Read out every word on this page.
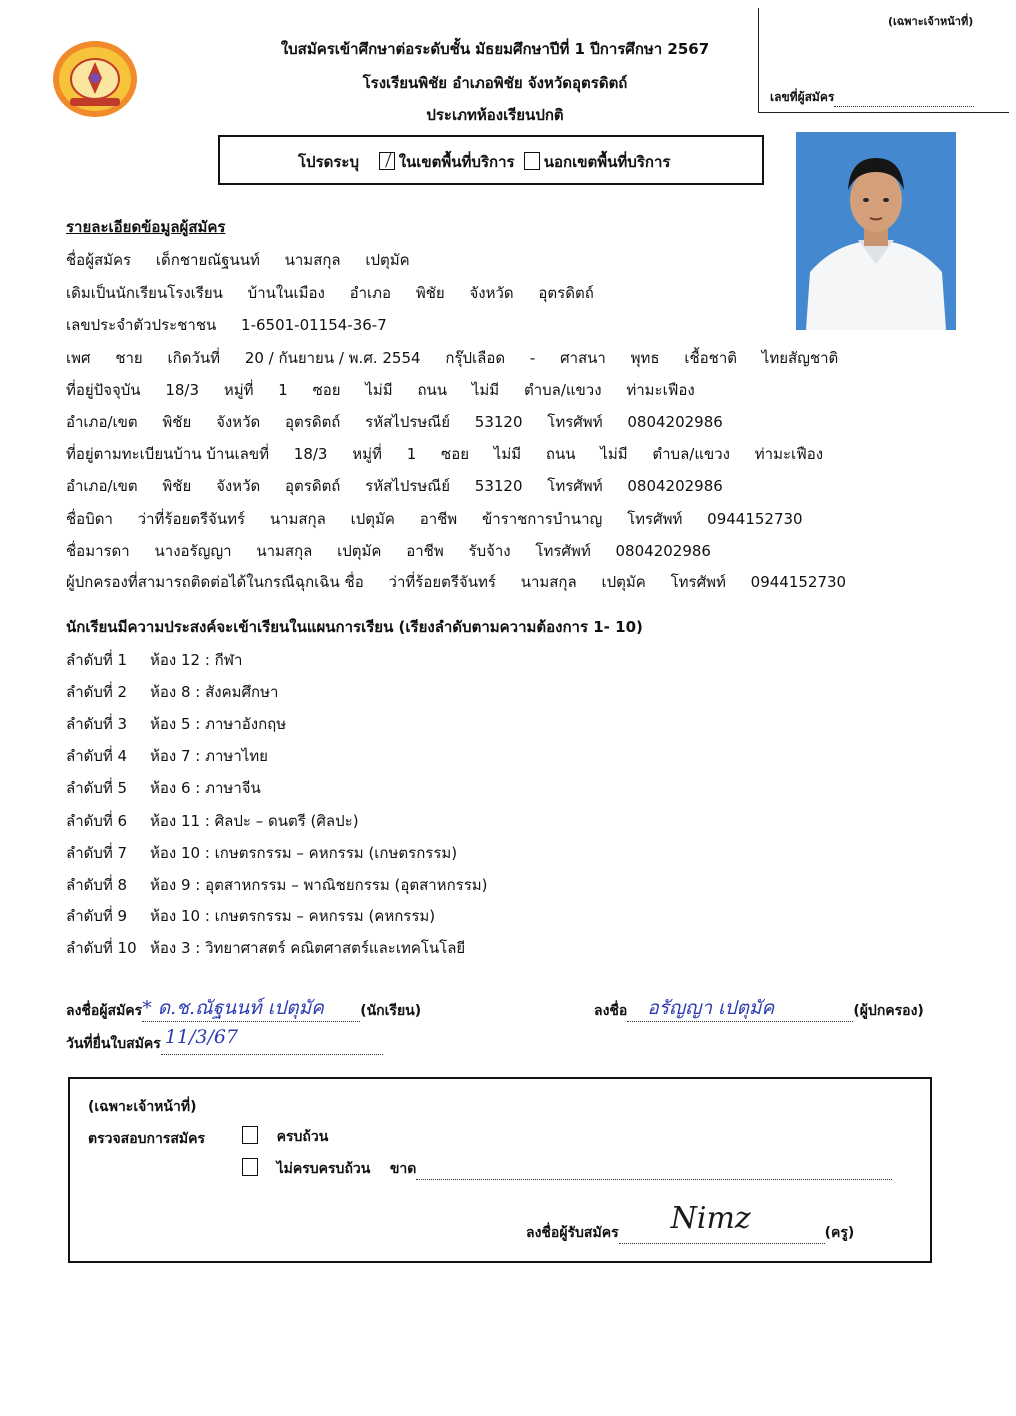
(เฉพาะเจ้าหน้าที่)
เลขที่ผู้สมัคร
ใบสมัครเข้าศึกษาต่อระดับชั้น มัธยมศึกษาปีที่ 1 ปีการศึกษา 2567
โรงเรียนพิชัย อำเภอพิชัย จังหวัดอุตรดิตถ์
ประเภทห้องเรียนปกติ
โปรดระบุ	ในเขตพื้นที่บริการ นอกเขตพื้นที่บริการ
รายละเอียดข้อมูลผู้สมัคร
ชื่อผู้สมัคร เด็กชายณัฐนนท์ นามสกุล เปตุมัค
เดิมเป็นนักเรียนโรงเรียน บ้านในเมือง อำเภอ พิชัย จังหวัด อุตรดิตถ์
เลขประจำตัวประชาชน 1-6501-01154-36-7
เพศ ชาย เกิดวันที่ 20 / กันยายน / พ.ศ. 2554 กรุ๊ปเลือด - ศาสนา พุทธ เชื้อชาติ ไทยสัญชาติ
ที่อยู่ปัจจุบัน 18/3 หมู่ที่ 1 ซอย ไม่มี ถนน ไม่มี ตำบล/แขวง ท่ามะเฟือง
อำเภอ/เขต พิชัย จังหวัด อุตรดิตถ์ รหัสไปรษณีย์ 53120 โทรศัพท์ 0804202986
ที่อยู่ตามทะเบียนบ้าน บ้านเลขที่ 18/3 หมู่ที่ 1 ซอย ไม่มี ถนน ไม่มี ตำบล/แขวง ท่ามะเฟือง
อำเภอ/เขต พิชัย จังหวัด อุตรดิตถ์ รหัสไปรษณีย์ 53120 โทรศัพท์ 0804202986
ชื่อบิดา ว่าที่ร้อยตรีจันทร์ นามสกุล เปตุมัค อาชีพ ข้าราชการบำนาญ โทรศัพท์ 0944152730
ชื่อมารดา นางอรัญญา นามสกุล เปตุมัค อาชีพ รับจ้าง โทรศัพท์ 0804202986
ผู้ปกครองที่สามารถติดต่อได้ในกรณีฉุกเฉิน ชื่อ ว่าที่ร้อยตรีจันทร์ นามสกุล เปตุมัค โทรศัพท์ 0944152730
นักเรียนมีความประสงค์จะเข้าเรียนในแผนการเรียน (เรียงลำดับตามความต้องการ 1- 10)
ลำดับที่ 1 ห้อง 12 : กีฬา
ลำดับที่ 2 ห้อง 8 : สังคมศึกษา
ลำดับที่ 3 ห้อง 5 : ภาษาอังกฤษ
ลำดับที่ 4 ห้อง 7 : ภาษาไทย
ลำดับที่ 5 ห้อง 6 : ภาษาจีน
ลำดับที่ 6 ห้อง 11 : ศิลปะ – ดนตรี (ศิลปะ)
ลำดับที่ 7 ห้อง 10 : เกษตรกรรม – คหกรรม (เกษตรกรรม)
ลำดับที่ 8 ห้อง 9 : อุตสาหกรรม – พาณิชยกรรม (อุตสาหกรรม)
ลำดับที่ 9 ห้อง 10 : เกษตรกรรม – คหกรรม (คหกรรม)
ลำดับที่ 10 ห้อง 3 : วิทยาศาสตร์ คณิตศาสตร์และเทคโนโลยี
ลงชื่อผู้สมัคร * ด.ช.ณัฐนนท์ เปตุมัค	(นักเรียน)	ลงชื่อ อรัญญา เปตุมัค	(ผู้ปกครอง)
วันที่ยื่นใบสมัคร 11/3/67
(เฉพาะเจ้าหน้าที่)
ตรวจสอบการสมัคร	ครบถ้วน
ไม่ครบครบถ้วน ขาด
ลงชื่อผู้รับสมัคร Nimz	(ครู)
